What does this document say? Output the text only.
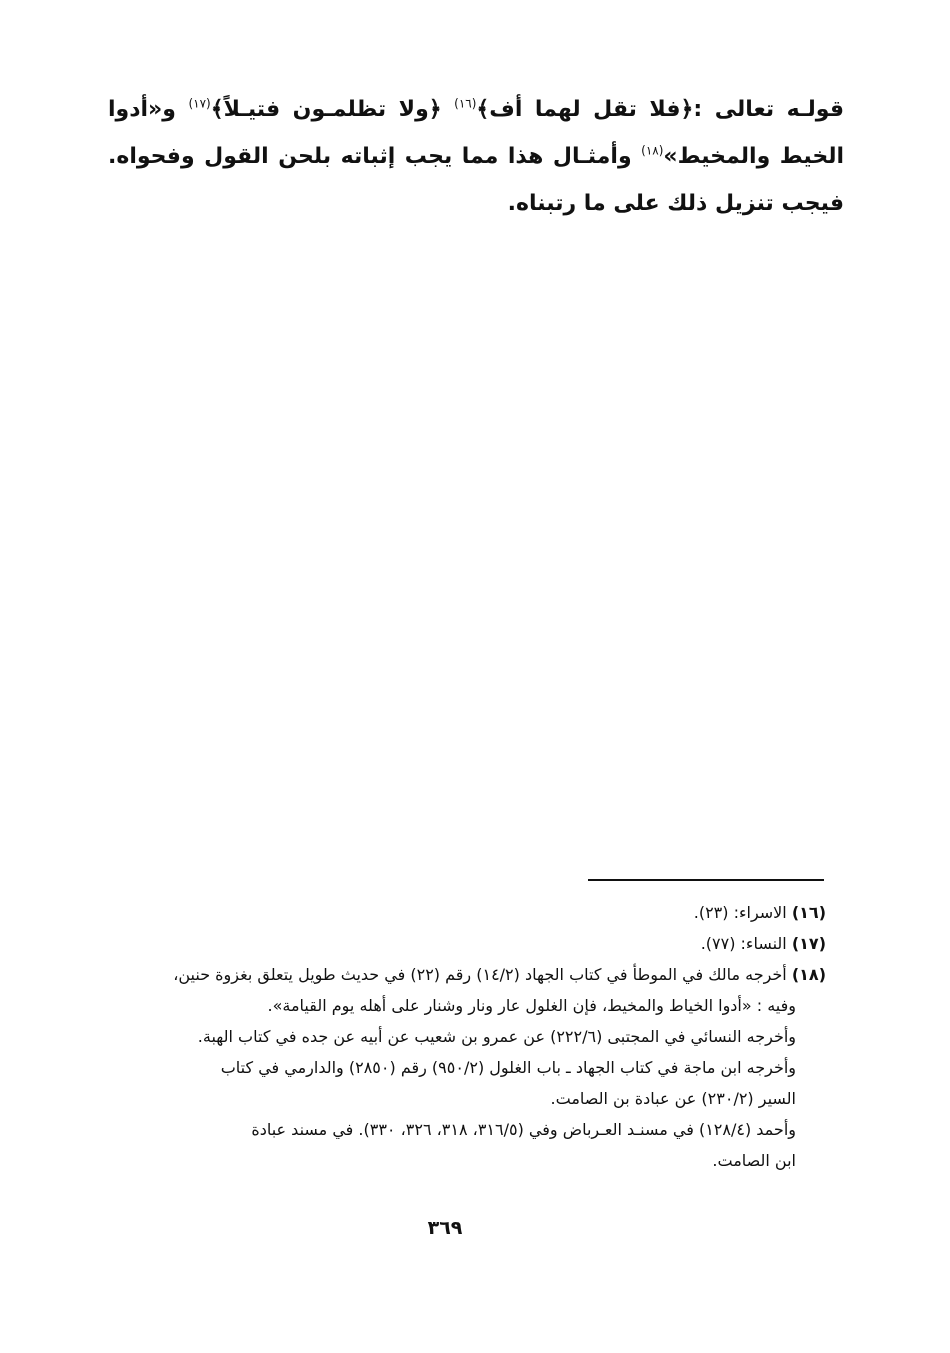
قولـه تعالى :﴿فلا تقل لهما أف﴾$^{(١٦)}$ ﴿ولا تظلمـون فتيـلاً﴾$^{(١٧)}$ و«أدوا الخيط والمخيط»$^{(١٨)}$ وأمثـال هذا مما يجب إثباته بلحن القول وفحواه. فيجب تنزيل ذلك على ما رتبناه.

(١٦) الاسراء: (٢٣).
(١٧) النساء: (٧٧).
(١٨) أخرجه مالك في الموطأ في كتاب الجهاد (١٤/٢) رقم (٢٢) في حديث طويل يتعلق بغزوة حنين،
وفيه : «أدوا الخياط والمخيط، فإن الغلول عار ونار وشنار على أهله يوم القيامة».
وأخرجه النسائي في المجتبى (٢٢٢/٦) عن عمرو بن شعيب عن أبيه عن جده في كتاب الهبة.
وأخرجه ابن ماجة في كتاب الجهاد ـ باب الغلول (٩٥٠/٢) رقم (٢٨٥٠) والدارمي في كتاب
السير (٢٣٠/٢) عن عبادة بن الصامت.
وأحمد (١٢٨/٤) في مسنـد العـرباض وفي (٣١٦/٥، ٣١٨، ٣٢٦، ٣٣٠). في مسند عبادة
ابن الصامت.
٣٦٩
